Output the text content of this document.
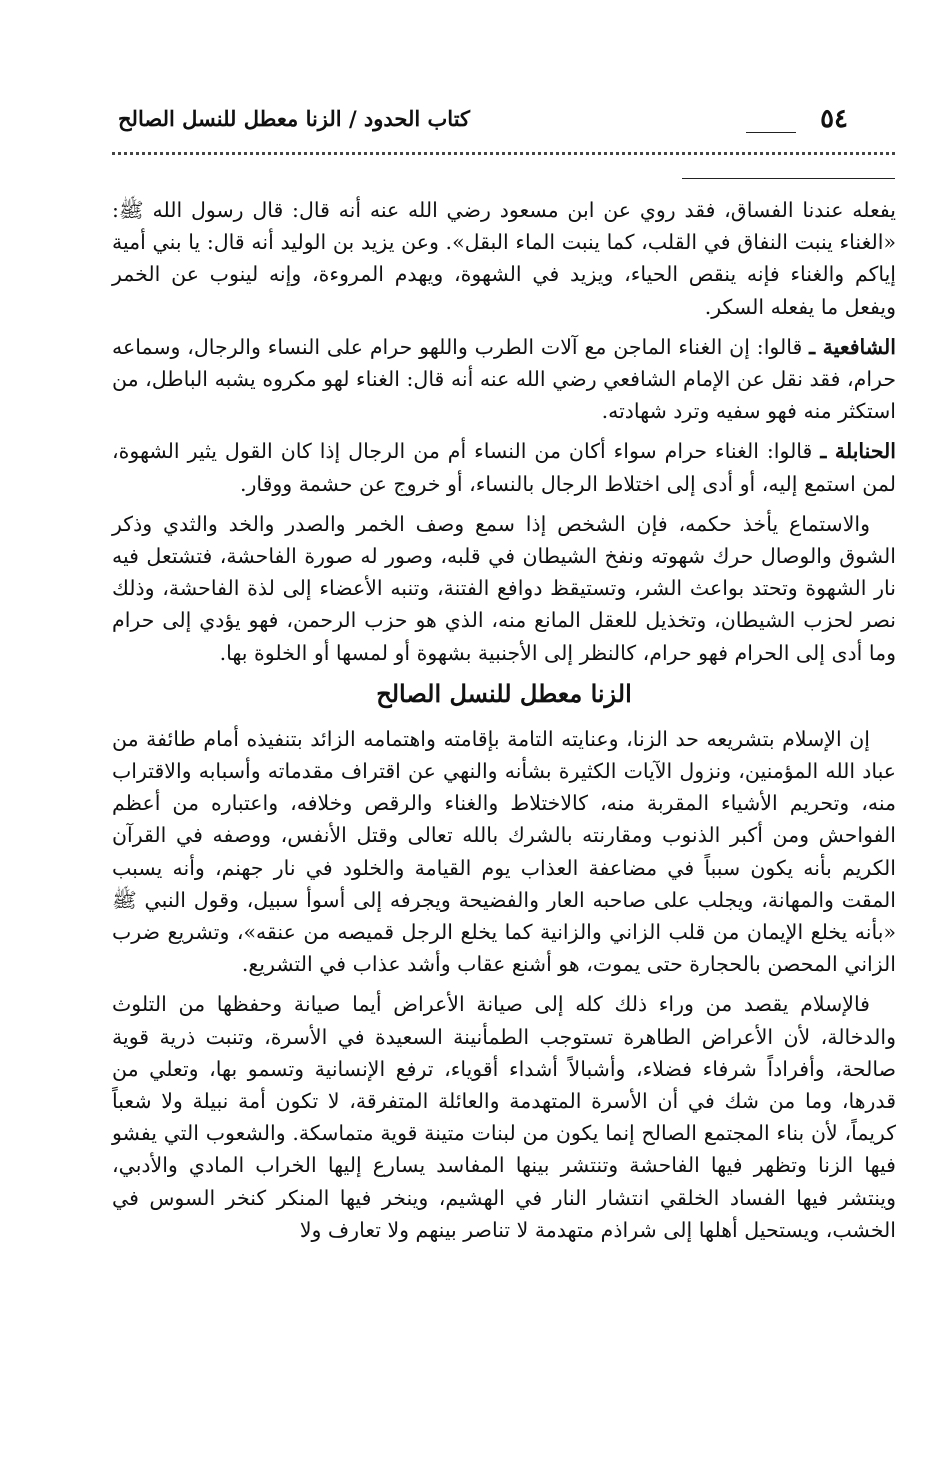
٥٤
كتاب الحدود / الزنا معطل للنسل الصالح

يفعله عندنا الفساق، فقد روي عن ابن مسعود رضي الله عنه أنه قال: قال رسول الله ﷺ: «الغناء ينبت النفاق في القلب، كما ينبت الماء البقل». وعن يزيد بن الوليد أنه قال: يا بني أمية إياكم والغناء فإنه ينقص الحياء، ويزيد في الشهوة، ويهدم المروءة، وإنه لينوب عن الخمر ويفعل ما يفعله السكر.

الشافعية ـ قالوا: إن الغناء الماجن مع آلات الطرب واللهو حرام على النساء والرجال، وسماعه حرام، فقد نقل عن الإمام الشافعي رضي الله عنه أنه قال: الغناء لهو مكروه يشبه الباطل، من استكثر منه فهو سفيه وترد شهادته.

الحنابلة ـ قالوا: الغناء حرام سواء أكان من النساء أم من الرجال إذا كان القول يثير الشهوة، لمن استمع إليه، أو أدى إلى اختلاط الرجال بالنساء، أو خروج عن حشمة ووقار.

والاستماع يأخذ حكمه، فإن الشخص إذا سمع وصف الخمر والصدر والخد والثدي وذكر الشوق والوصال حرك شهوته ونفخ الشيطان في قلبه، وصور له صورة الفاحشة، فتشتعل فيه نار الشهوة وتحتد بواعث الشر، وتستيقظ دوافع الفتنة، وتنبه الأعضاء إلى لذة الفاحشة، وذلك نصر لحزب الشيطان، وتخذيل للعقل المانع منه، الذي هو حزب الرحمن، فهو يؤدي إلى حرام وما أدى إلى الحرام فهو حرام، كالنظر إلى الأجنبية بشهوة أو لمسها أو الخلوة بها.

الزنا معطل للنسل الصالح

إن الإسلام بتشريعه حد الزنا، وعنايته التامة بإقامته واهتمامه الزائد بتنفيذه أمام طائفة من عباد الله المؤمنين، ونزول الآيات الكثيرة بشأنه والنهي عن اقتراف مقدماته وأسبابه والاقتراب منه، وتحريم الأشياء المقربة منه، كالاختلاط والغناء والرقص وخلافه، واعتباره من أعظم الفواحش ومن أكبر الذنوب ومقارنته بالشرك بالله تعالى وقتل الأنفس، ووصفه في القرآن الكريم بأنه يكون سبباً في مضاعفة العذاب يوم القيامة والخلود في نار جهنم، وأنه يسبب المقت والمهانة، ويجلب على صاحبه العار والفضيحة ويجرفه إلى أسوأ سبيل، وقول النبي ﷺ «بأنه يخلع الإيمان من قلب الزاني والزانية كما يخلع الرجل قميصه من عنقه»، وتشريع ضرب الزاني المحصن بالحجارة حتى يموت، هو أشنع عقاب وأشد عذاب في التشريع.

فالإسلام يقصد من وراء ذلك كله إلى صيانة الأعراض أيما صيانة وحفظها من التلوث والدخالة، لأن الأعراض الطاهرة تستوجب الطمأنينة السعيدة في الأسرة، وتنبت ذرية قوية صالحة، وأفراداً شرفاء فضلاء، وأشبالاً أشداء أقوياء، ترفع الإنسانية وتسمو بها، وتعلي من قدرها، وما من شك في أن الأسرة المتهدمة والعائلة المتفرقة، لا تكون أمة نبيلة ولا شعباً كريماً، لأن بناء المجتمع الصالح إنما يكون من لبنات متينة قوية متماسكة. والشعوب التي يفشو فيها الزنا وتظهر فيها الفاحشة وتنتشر بينها المفاسد يسارع إليها الخراب المادي والأدبي، وينتشر فيها الفساد الخلقي انتشار النار في الهشيم، وينخر فيها المنكر كنخر السوس في الخشب، ويستحيل أهلها إلى شراذم متهدمة لا تناصر بينهم ولا تعارف ولا
